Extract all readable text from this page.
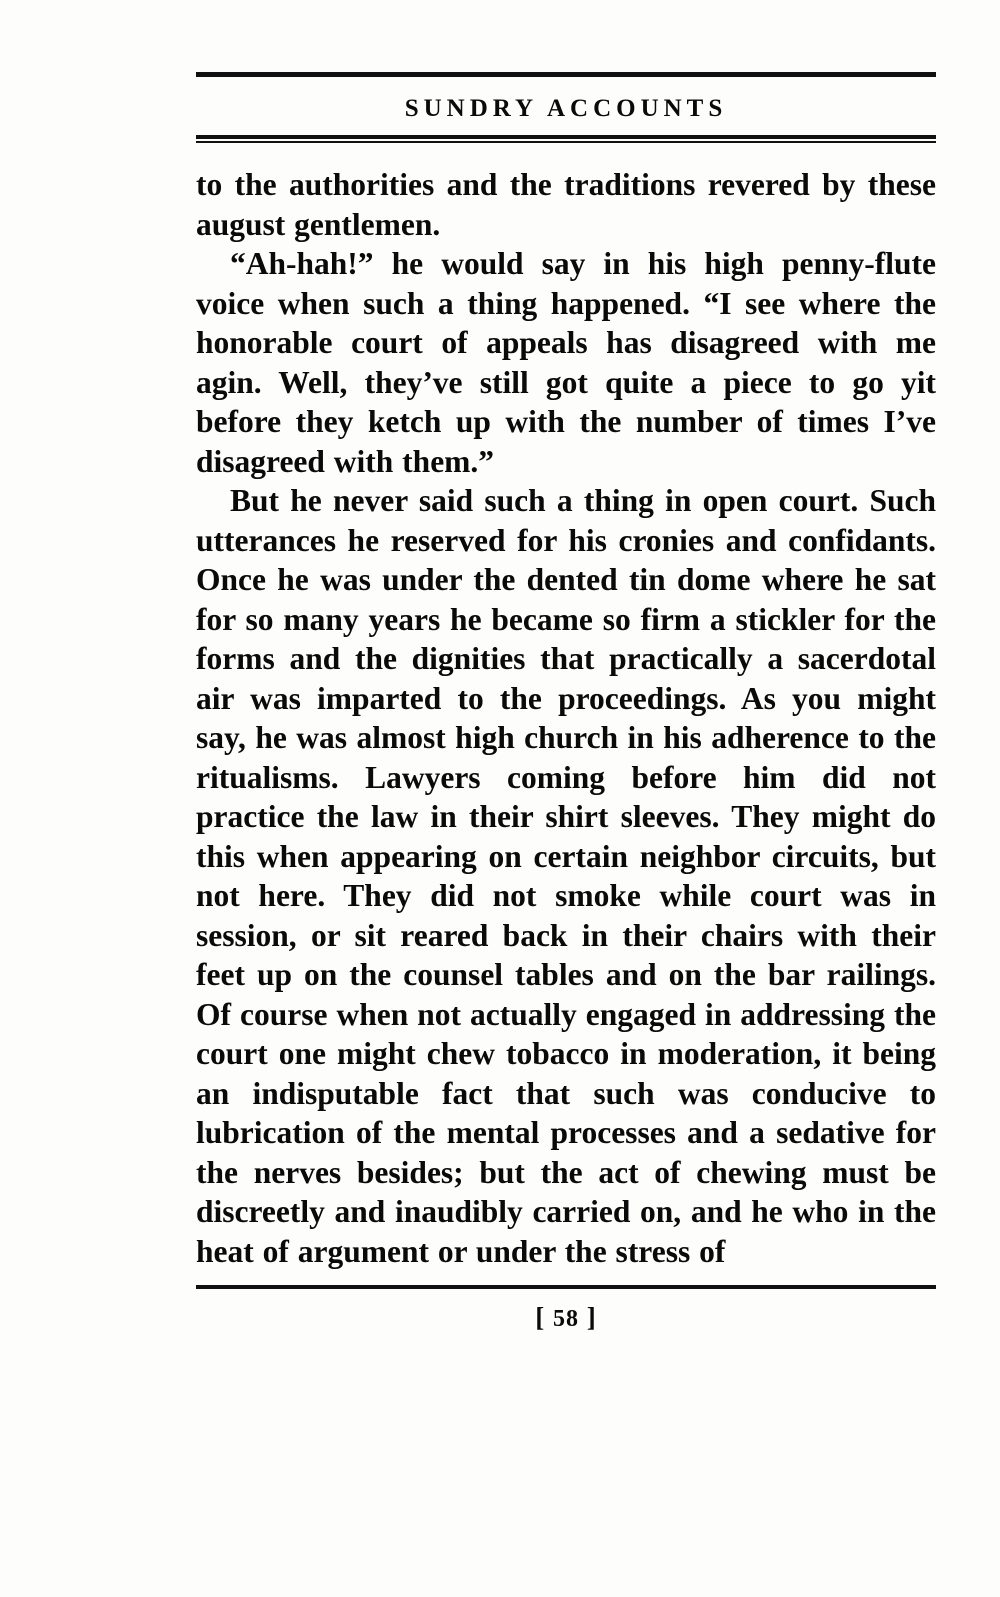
SUNDRY ACCOUNTS

to the authorities and the traditions revered by these august gentlemen.

“Ah-hah!” he would say in his high penny-flute voice when such a thing happened. “I see where the honorable court of appeals has disagreed with me agin. Well, they’ve still got quite a piece to go yit before they ketch up with the number of times I’ve disagreed with them.”

But he never said such a thing in open court. Such utterances he reserved for his cronies and confidants. Once he was under the dented tin dome where he sat for so many years he became so firm a stickler for the forms and the dignities that practically a sacerdotal air was imparted to the proceedings. As you might say, he was almost high church in his adherence to the ritualisms. Lawyers coming before him did not practice the law in their shirt sleeves. They might do this when appearing on certain neighbor circuits, but not here. They did not smoke while court was in session, or sit reared back in their chairs with their feet up on the counsel tables and on the bar railings. Of course when not actually engaged in addressing the court one might chew tobacco in moderation, it being an indisputable fact that such was conducive to lubrication of the mental processes and a sedative for the nerves besides; but the act of chewing must be discreetly and inaudibly carried on, and he who in the heat of argument or under the stress of

[ 58 ]
